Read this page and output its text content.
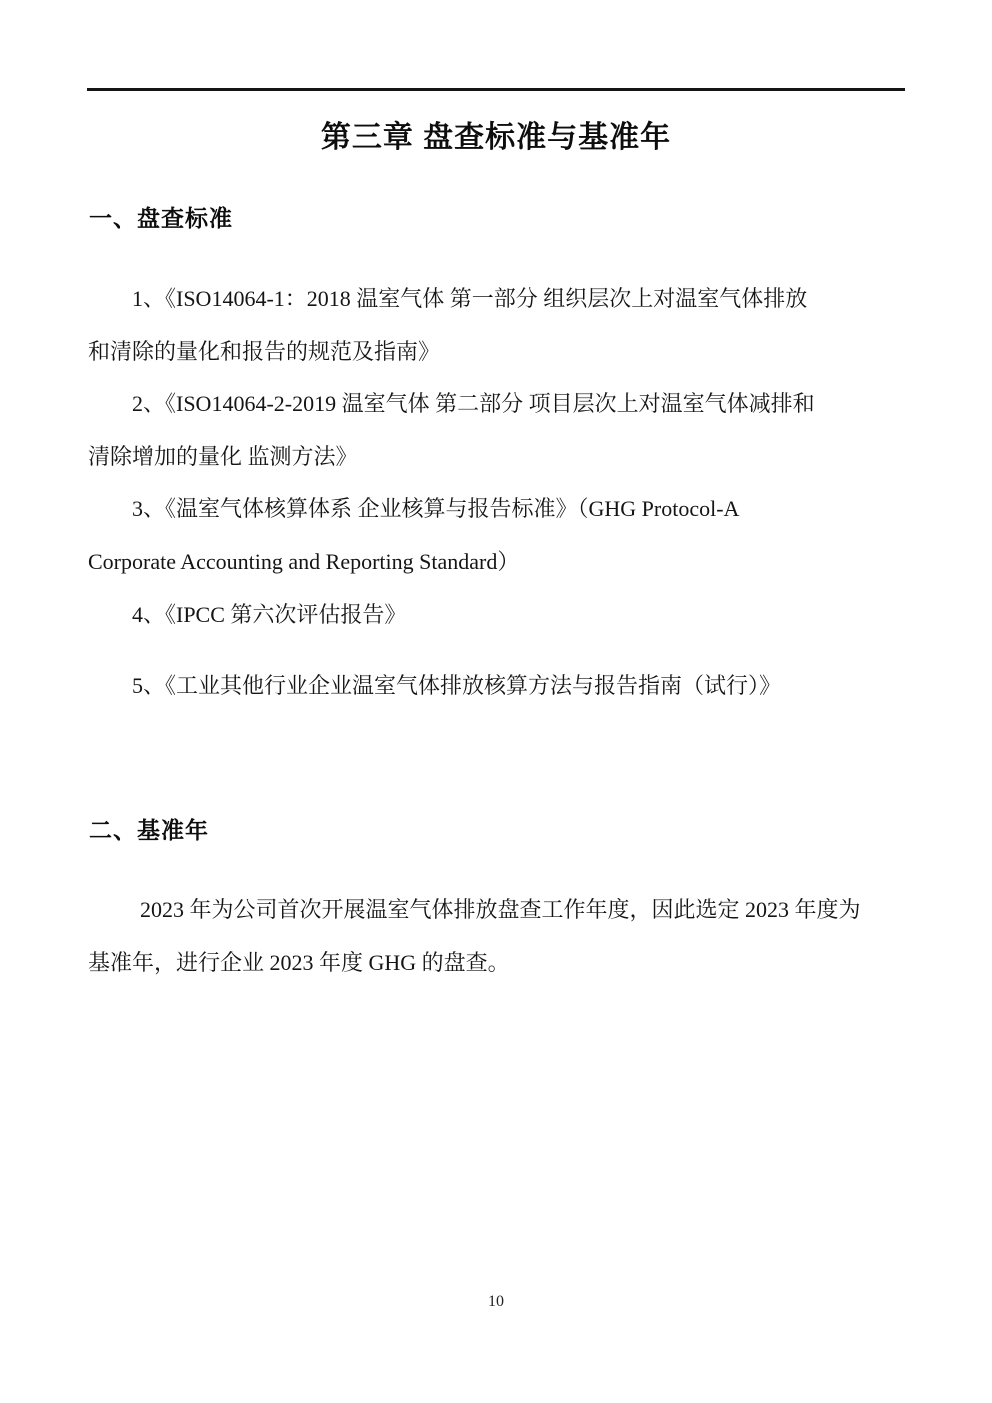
第三章 盘查标准与基准年
一、盘查标准
1、《ISO14064-1：2018 温室气体 第一部分 组织层次上对温室气体排放
和清除的量化和报告的规范及指南》
2、《ISO14064-2-2019 温室气体 第二部分 项目层次上对温室气体减排和
清除增加的量化 监测方法》
3、《温室气体核算体系 企业核算与报告标准》（GHG Protocol-A
Corporate Accounting and Reporting Standard）
4、《IPCC 第六次评估报告》
5、《工业其他行业企业温室气体排放核算方法与报告指南（试行）》
二、基准年
2023 年为公司首次开展温室气体排放盘查工作年度，因此选定 2023 年度为
基准年，进行企业 2023 年度 GHG 的盘查。
10
